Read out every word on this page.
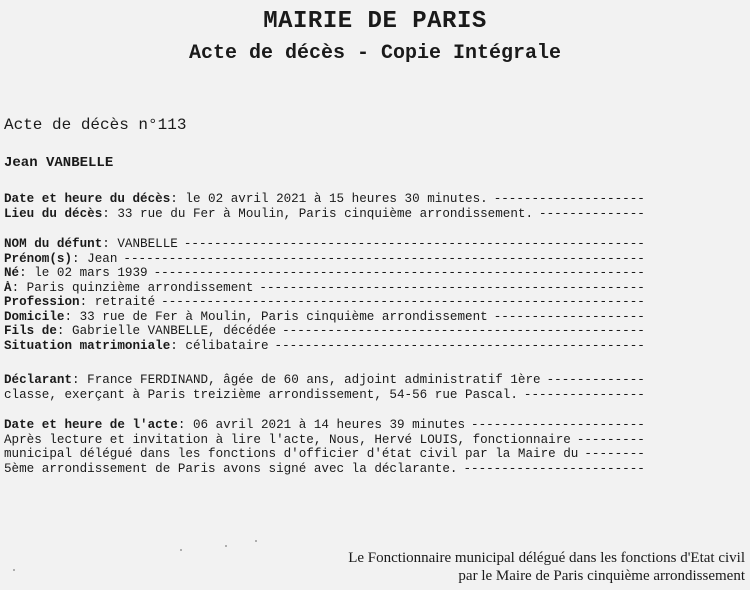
MAIRIE DE PARIS
Acte de décès - Copie Intégrale
Acte de décès n°113
Jean VANBELLE
Date et heure du décès : le 02 avril 2021 à 15 heures 30 minutes.
-----
Lieu du décès : 33 rue du Fer à Moulin, Paris cinquième arrondissement.
-----
NOM du défunt : VANBELLE
-----
Prénom(s) : Jean
-----
Né : le 02 mars 1939
-----
À : Paris quinzième arrondissement
-----
Profession : retraité
-----
Domicile : 33 rue de Fer à Moulin, Paris cinquième arrondissement
-----
Fils de : Gabrielle VANBELLE, décédée
-----
Situation matrimoniale : célibataire
-----
Déclarant : France FERDINAND, âgée de 60 ans, adjoint administratif 1ère
-----
classe, exerçant à Paris treizième arrondissement, 54-56 rue Pascal.
-----
Date et heure de l'acte : 06 avril 2021 à 14 heures 39 minutes
-----
Après lecture et invitation à lire l'acte, Nous, Hervé LOUIS, fonctionnaire
-----
municipal délégué dans les fonctions d'officier d'état civil par la Maire du
-----
5ème arrondissement de Paris avons signé avec la déclarante.
-----
Le Fonctionnaire municipal délégué dans les fonctions d'Etat civil
par le Maire de Paris cinquième arrondissement
